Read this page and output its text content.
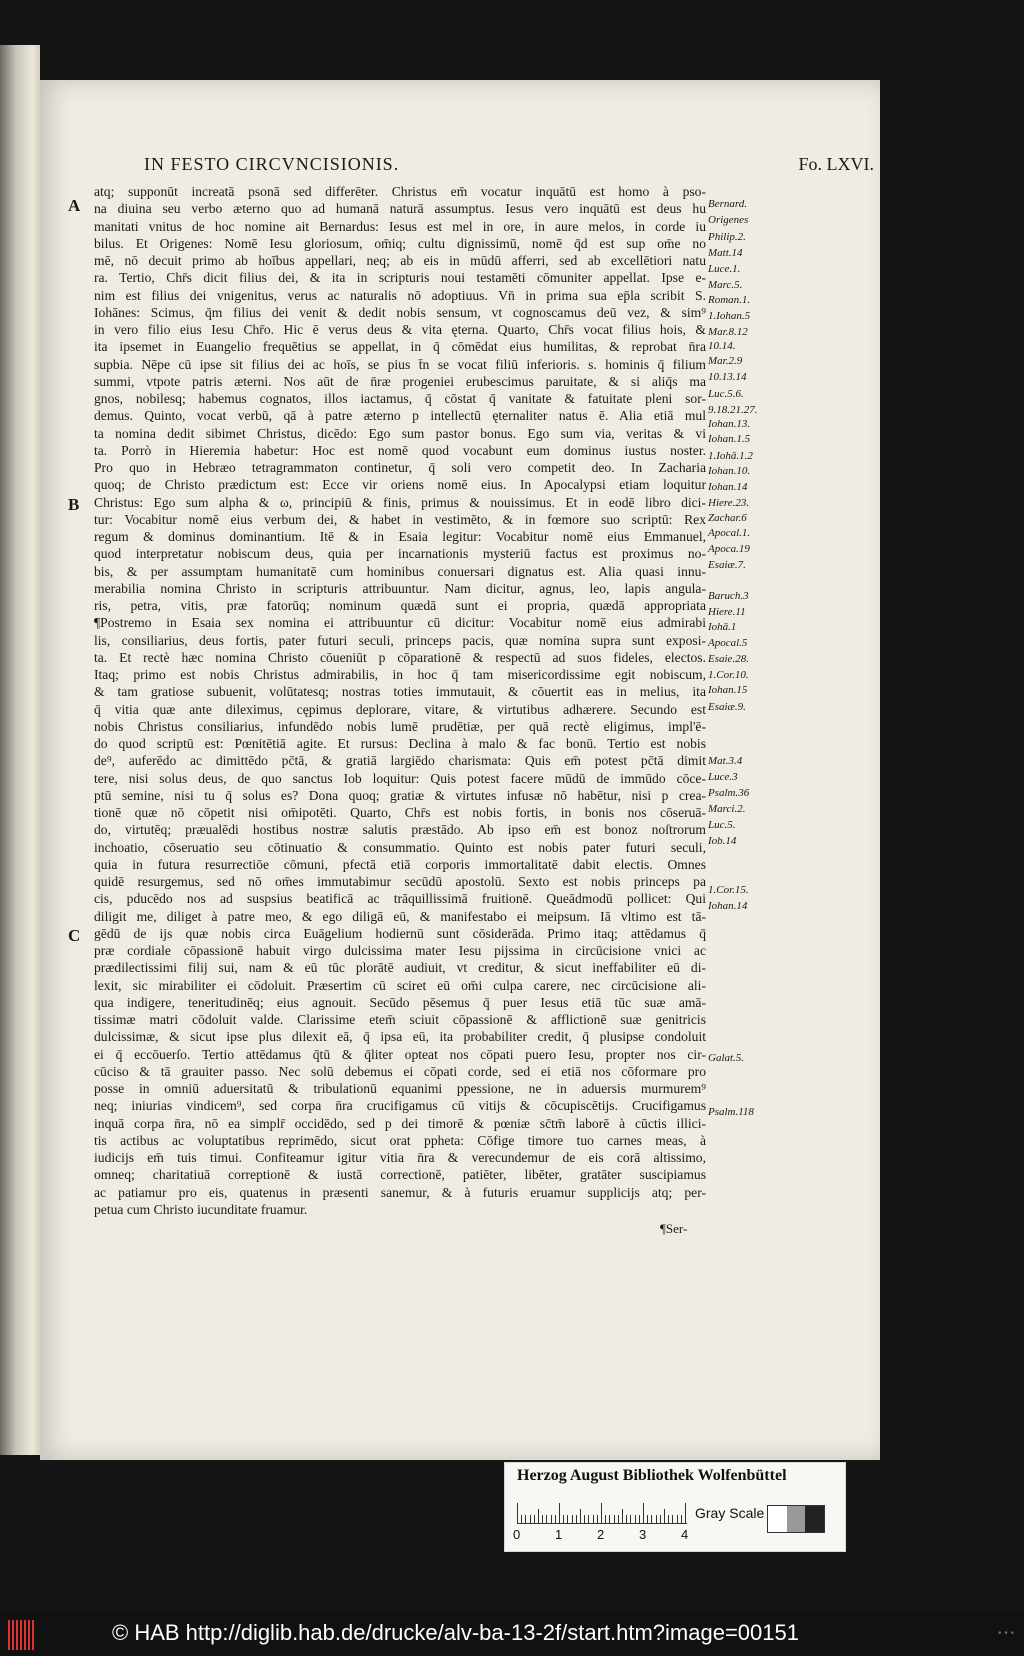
IN FESTO CIRCVNCISIONIS.	Fo. LXVI.
A
B
C
atq; supponūt increatā psonā sed differēter. Christus em̄ vocatur inquātū est homo à pso-
na diuina seu verbo æterno quo ad humanā naturā assumptus. Iesus vero inquātū est deus hu
manitati vnitus de hoc nomine ait Bernardus: Iesus est mel in ore, in aure melos, in corde iu
bilus. Et Origenes: Nomē Iesu gloriosum, om̄iq; cultu dignissimū, nomē q̄d est sup om̄e no
mē, nō decuit primo ab hoībus appellari, neq; ab eis in mūdū afferri, sed ab excellētiori natu
ra. Tertio, Chr̄s dicit filius dei, & ita in scripturis noui testamēti cōmuniter appellat. Ipse e-
nim est filius dei vnigenitus, verus ac naturalis nō adoptiuus. Vn̄ in prima sua ep̄la scribit S.
Iohānes: Scimus, q̄m filius dei venit & dedit nobis sensum, vt cognoscamus deū vez, & sim⁹
in vero filio eius Iesu Chr̄o. Hic ē verus deus & vita ęterna. Quarto, Chr̄s vocat filius hois, &
ita ipsemet in Euangelio frequētius se appellat, in q̄ cōmēdat eius humilitas, & reprobat n̄ra
supbia. Nēpe cū ipse sit filius dei ac hoīs, se pius t̄n se vocat filiū inferioris. s. hominis q̄ filium
summi, vtpote patris æterni. Nos aūt de n̄ræ progeniei erubescimus paruitate, & si aliq̄s ma
gnos, nobilesq; habemus cognatos, illos iactamus, q̄ cōstat q̄ vanitate & fatuitate pleni sor-
demus. Quinto, vocat verbū, qā à patre æterno p intellectū ęternaliter natus ē. Alia etiā mul
ta nomina dedit sibimet Christus, dicēdo: Ego sum pastor bonus. Ego sum via, veritas & vi
ta. Porrò in Hieremia habetur: Hoc est nomē quod vocabunt eum dominus iustus noster.
Pro quo in Hebræo tetragrammaton continetur, q̄ soli vero competit deo. In Zacharia
quoq; de Christo prædictum est: Ecce vir oriens nomē eius. In Apocalypsi etiam loquitur
Christus: Ego sum alpha & ω, principiū & finis, primus & nouissimus. Et in eodē libro dici-
tur: Vocabitur nomē eius verbum dei, & habet in vestimēto, & in fœmore suo scriptū: Rex
regum & dominus dominantium. Itē & in Esaia legitur: Vocabitur nomē eius Emmanuel,
quod interpretatur nobiscum deus, quia per incarnationis mysteriū factus est proximus no-
bis, & per assumptam humanitatē cum hominibus conuersari dignatus est. Alia quasi innu-
merabilia nomina Christo in scripturis attribuuntur. Nam dicitur, agnus, leo, lapis angula-
ris, petra, vitis, præ fatorūq; nominum quædā sunt ei propria, quædā appropriata
¶Postremo in Esaia sex nomina ei attribuuntur cū dicitur: Vocabitur nomē eius admirabi
lis, consiliarius, deus fortis, pater futuri seculi, princeps pacis, quæ nomina supra sunt exposi-
ta. Et rectè hæc nomina Christo cōueniūt p cōparationē & respectū ad suos fideles, electos.
Itaq; primo est nobis Christus admirabilis, in hoc q̄ tam misericordissime egit nobiscum,
& tam gratiose subuenit, volūtatesq; nostras toties immutauit, & cōuertit eas in melius, ita
q̄ vitia quæ ante dileximus, cępimus deplorare, vitare, & virtutibus adhærere. Secundo est
nobis Christus consiliarius, infundēdo nobis lumē prudētiæ, per quā rectè eligimus, impl'ē-
do quod scriptū est: Pœnitētiā agite. Et rursus: Declina à malo & fac bonū. Tertio est nobis
de⁹, auferēdo ac dimittēdo pc̄tā, & gratiā largiēdo charismata: Quis em̄ potest pc̄tā dimit
tere, nisi solus deus, de quo sanctus Iob loquitur: Quis potest facere mūdū de immūdo cōce-
ptū semine, nisi tu q̄ solus es? Dona quoq; gratiæ & virtutes infusæ nō habētur, nisi p crea-
tionē quæ nō cōpetit nisi om̄ipotēti. Quarto, Chr̄s est nobis fortis, in bonis nos cōseruā-
do, virtutēq; præualēdi hostibus nostræ salutis præstādo. Ab ipso em̄ est bonoz noſtrorum
inchoatio, cōseruatio seu cōtinuatio & consummatio. Quinto est nobis pater futuri seculi,
quia in futura resurrectiōe cōmuni, pfectā etiā corporis immortalitatē dabit electis. Omnes
quidē resurgemus, sed nō om̄es immutabimur secūdū apostolū. Sexto est nobis princeps pa
cis, pducēdo nos ad suspsius beatificā ac trāquillissimā fruitionē. Queādmodū pollicet: Qui
diligit me, diliget à patre meo, & ego diligā eū, & manifestabo ei meipsum. Iā vltimo est tā-
gēdū de ijs quæ nobis circa Euāgelium hodiernū sunt cōsiderāda. Primo itaq; attēdamus q̄
præ cordiale cōpassionē habuit virgo dulcissima mater Iesu pijssima in circūcisione vnici ac
prædilectissimi filij sui, nam & eū tūc plorātē audiuit, vt creditur, & sicut ineffabiliter eū di-
lexit, sic mirabiliter ei cōdoluit. Præsertim cū sciret eū om̄i culpa carere, nec circūcisione ali-
qua indigere, teneritudinēq; eius agnouit. Secūdo pēsemus q̄ puer Iesus etiā tūc suæ amā-
tissimæ matri cōdoluit valde. Clarissime etem̄ sciuit cōpassionē & afflictionē suæ genitricis
dulcissimæ, & sicut ipse plus dilexit eā, q̄ ipsa eū, ita probabiliter credit, q̄ plusipse condoluit
ei q̄ eccōuerſo. Tertio attēdamus q̄tū & q̄liter opteat nos cōpati puero Iesu, propter nos cir-
cūciso & tā grauiter passo. Nec solū debemus ei cōpati corde, sed ei etiā nos cōformare pro
posse in omniū aduersitatū & tribulationū equanimi ppessione, ne in aduersis murmurem⁹
neq; iniurias vindicem⁹, sed corpa n̄ra crucifigamus cū vitijs & cōcupiscētijs. Crucifigamus
inquā corpa n̄ra, nō ea simplr̄ occidēdo, sed p dei timorē & pœniæ sc̄tm̄ laborē à cūctis illici-
tis actibus ac voluptatibus reprimēdo, sicut orat ppheta: Cōfige timore tuo carnes meas, à
iudicijs em̄ tuis timui. Confiteamur igitur vitia n̄ra & verecundemur de eis corā altissimo,
omneq; charitatiuā correptionē & iustā correctionē, patiēter, libēter, gratāter suscipiamus
ac patiamur pro eis, quatenus in præsenti sanemur, & à futuris eruamur supplicijs atq; per-
petua cum Christo iucunditate fruamur.
Bernard.
Origenes
Philip.2.
Matt.14
Luce.1.
Marc.5.
Roman.1.
1.Iohan.5
Mar.8.12
10.14.
Mar.2.9
10.13.14
Luc.5.6.
9.18.21.27.
Iohan.13.
Iohan.1.5
1.Iohā.1.2
Iohan.10.
Iohan.14
Hiere.23.
Zachar.6
Apocal.1.
Apoca.19
Esaiæ.7.
Baruch.3
Hiere.11
Iohā.1
Apocal.5
Esaie.28.
1.Cor.10.
Iohan.15
Esaiæ.9.
Mat.3.4
Luce.3
Psalm.36
Marci.2.
Luc.5.
Iob.14
1.Cor.15.
Iohan.14
Galat.5.
Psalm.118
¶Ser-
Herzog August Bibliothek Wolfenbüttel
0	1	2	3	4
Gray Scale
© HAB http://diglib.hab.de/drucke/alv-ba-13-2f/start.htm?image=00151	• • •
